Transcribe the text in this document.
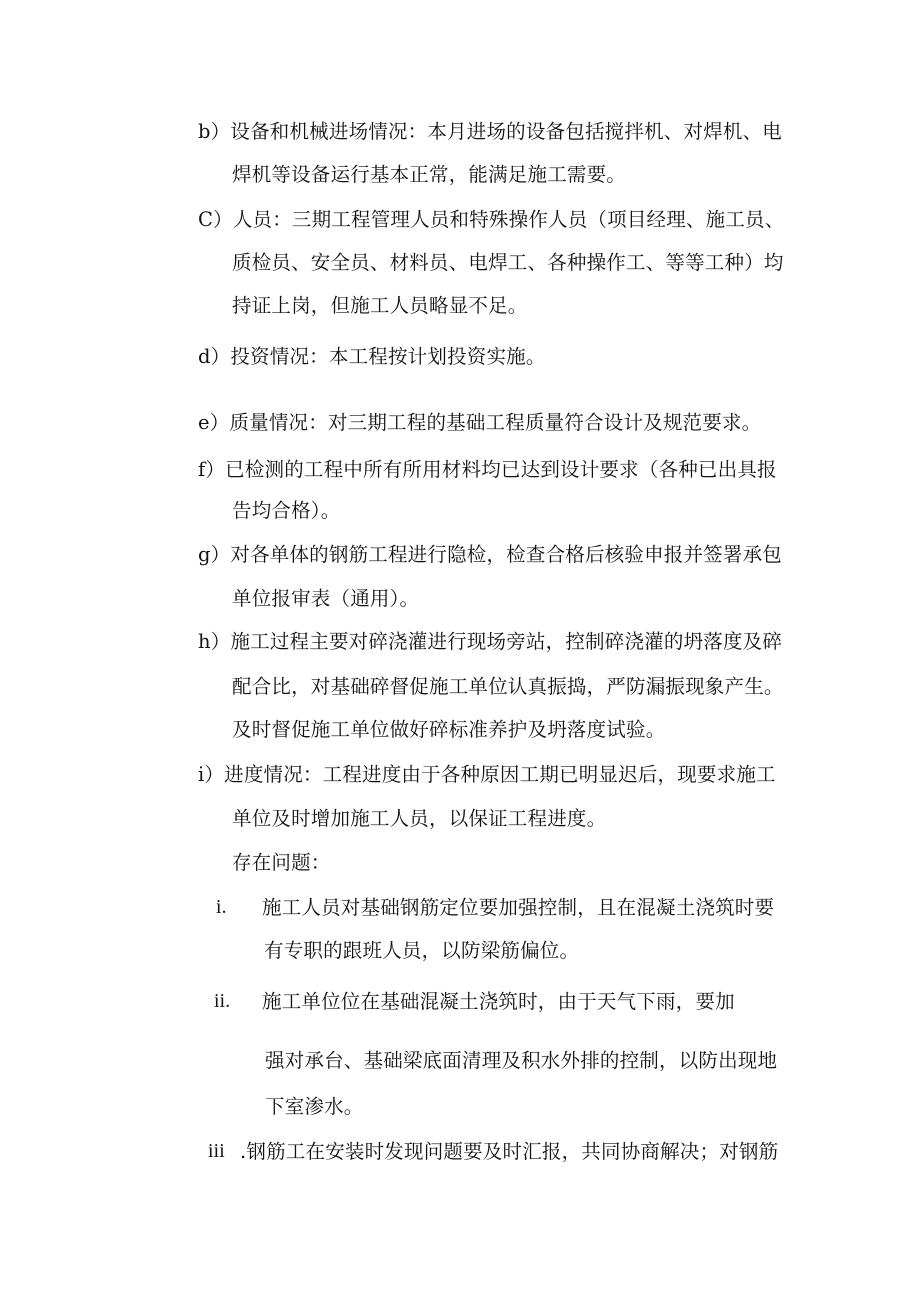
b）设备和机械进场情况：本月进场的设备包括搅拌机、对焊机、电
焊机等设备运行基本正常，能满足施工需要。
C）人员：三期工程管理人员和特殊操作人员（项目经理、施工员、
质检员、安全员、材料员、电焊工、各种操作工、等等工种）均
持证上岗，但施工人员略显不足。
d）投资情况：本工程按计划投资实施。
e）质量情况：对三期工程的基础工程质量符合设计及规范要求。
f）已检测的工程中所有所用材料均已达到设计要求（各种已出具报
告均合格）。
g）对各单体的钢筋工程进行隐检，检查合格后核验申报并签署承包
单位报审表（通用）。
h）施工过程主要对碎浇灌进行现场旁站，控制碎浇灌的坍落度及碎
配合比，对基础碎督促施工单位认真振捣，严防漏振现象产生。
及时督促施工单位做好碎标准养护及坍落度试验。
i）进度情况：工程进度由于各种原因工期已明显迟后，现要求施工
单位及时增加施工人员，以保证工程进度。
存在问题：
i. 施工人员对基础钢筋定位要加强控制，且在混凝土浇筑时要
有专职的跟班人员，以防梁筋偏位。
ii. 施工单位位在基础混凝土浇筑时，由于天气下雨，要加
强对承台、基础梁底面清理及积水外排的控制，以防出现地
下室渗水。
iii .钢筋工在安装时发现问题要及时汇报，共同协商解决；对钢筋
